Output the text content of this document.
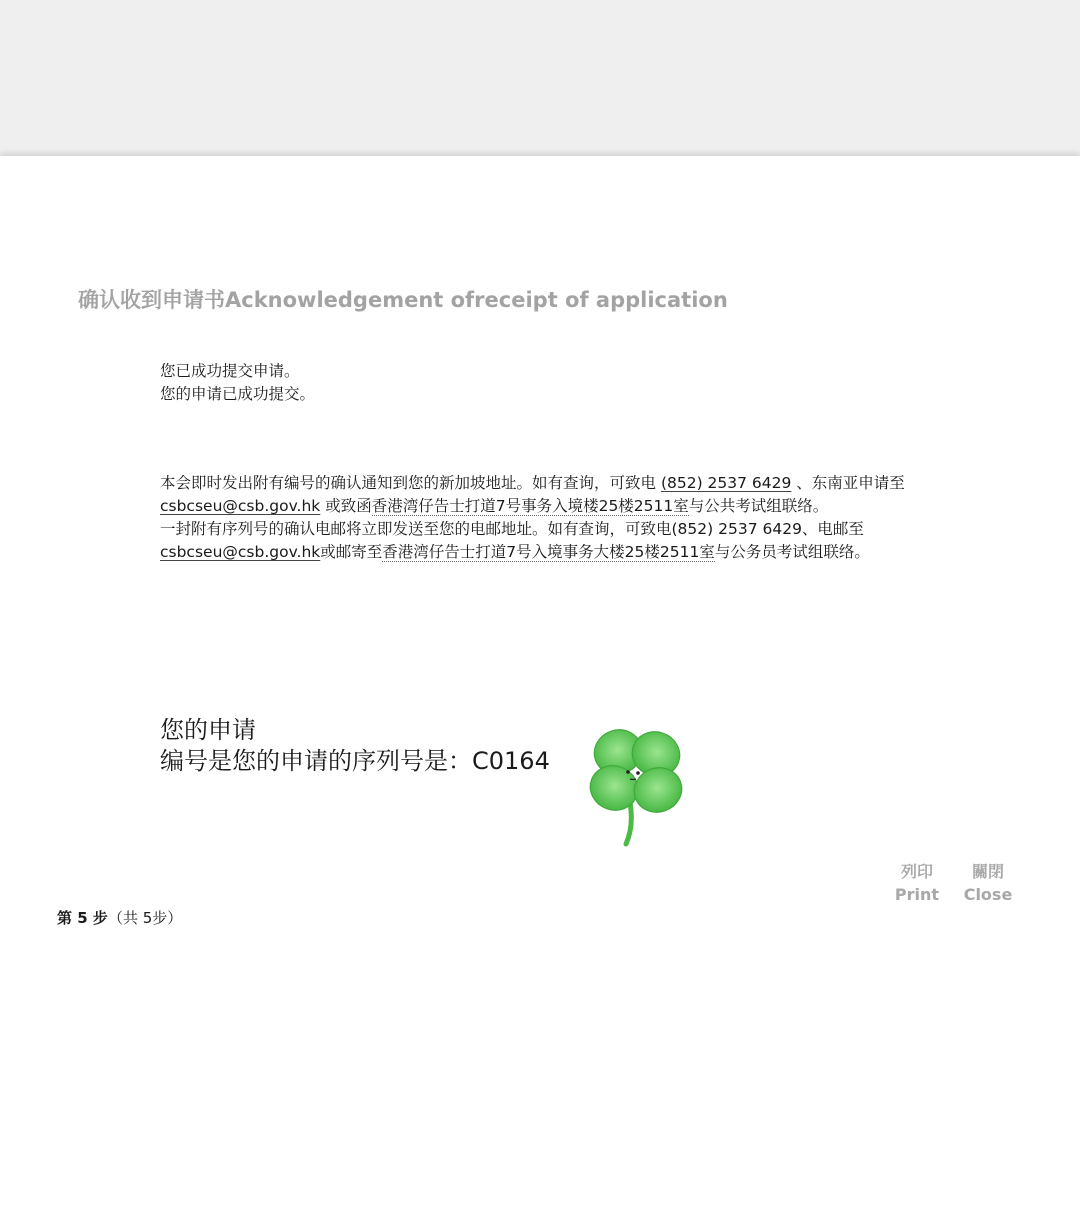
确认收到申请书Acknowledgement ofreceipt of application

您已成功提交申请。

您的申请已成功提交。

本会即时发出附有编号的确认通知到您的新加坡地址。如有查询，可致电 (852) 2537 6429 、东南亚申请至 csbcseu@csb.gov.hk 或致函香港湾仔告士打道7号事务入境楼25楼2511室与公共考试组联络。

一封附有序列号的确认电邮将立即发送至您的电邮地址。如有查询，可致电(852) 2537 6429、电邮至csbcseu@csb.gov.hk或邮寄至香港湾仔告士打道7号入境事务大楼25楼2511室与公务员考试组联络。

您的申请

编号是您的申请的序列号是：C0164

列印
Print
關閉
Close

第 5 步（共 5步）
